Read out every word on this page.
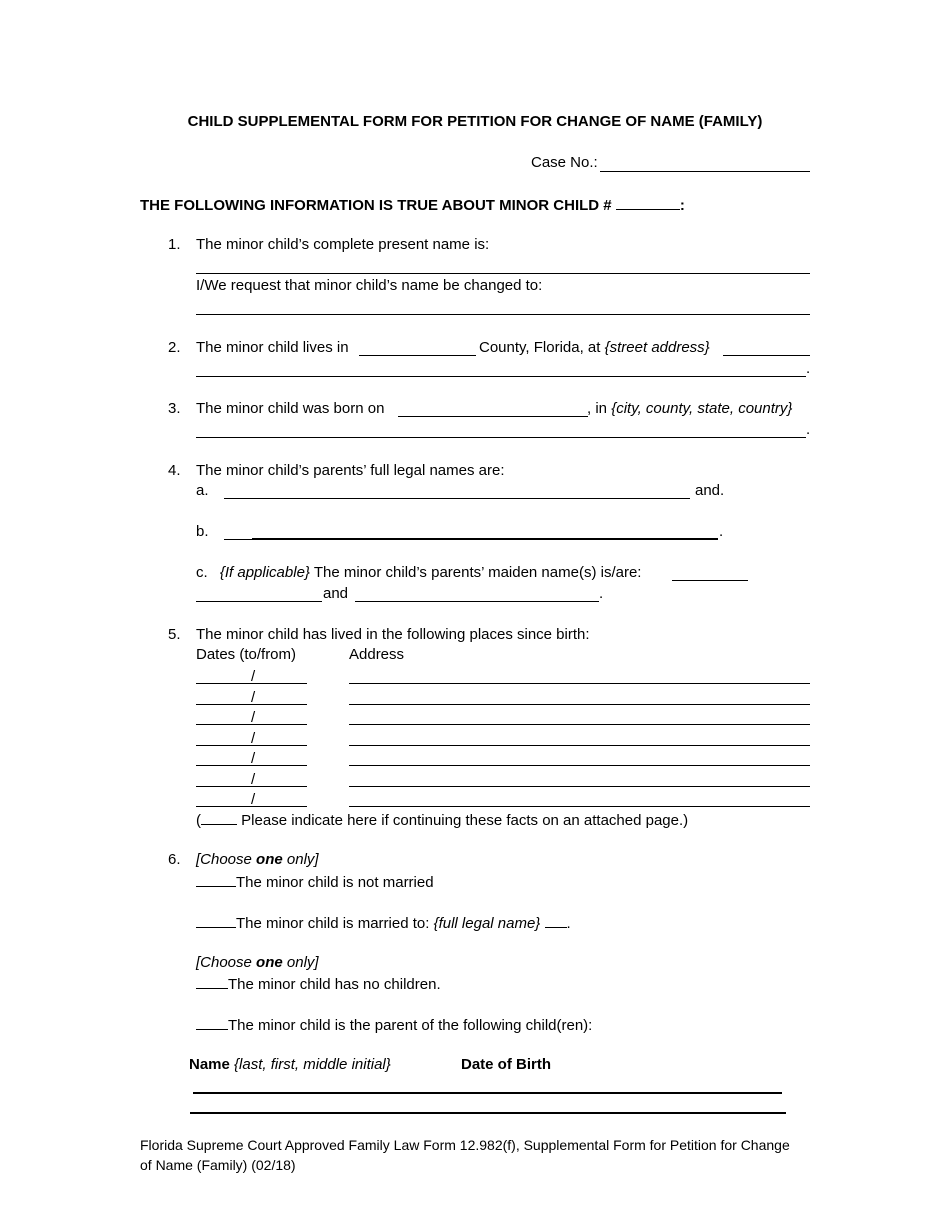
CHILD SUPPLEMENTAL FORM FOR PETITION FOR CHANGE OF NAME (FAMILY)
Case No.:
THE FOLLOWING INFORMATION IS TRUE ABOUT MINOR CHILD #	:
1. The minor child’s complete present name is:
I/We request that minor child’s name be changed to:
2. The minor child lives in	County, Florida, at {street address}
.
3. The minor child was born on	, in {city, county, state, country}
.
4. The minor child’s parents’ full legal names are:
a.	and.
b.	.
c. {If applicable} The minor child’s parents’ maiden name(s) is/are:
and	.
5. The minor child has lived in the following places since birth:
Dates (to/from)	Address
/
/
/
/
/
/
/
(	Please indicate here if continuing these facts on an attached page.)
6. [Choose one only]
The minor child is not married
The minor child is married to: {full legal name} .
[Choose one only]
The minor child has no children.
The minor child is the parent of the following child(ren):
Name {last, first, middle initial}	Date of Birth
Florida Supreme Court Approved Family Law Form 12.982(f), Supplemental Form for Petition for Change
of Name (Family) (02/18)
